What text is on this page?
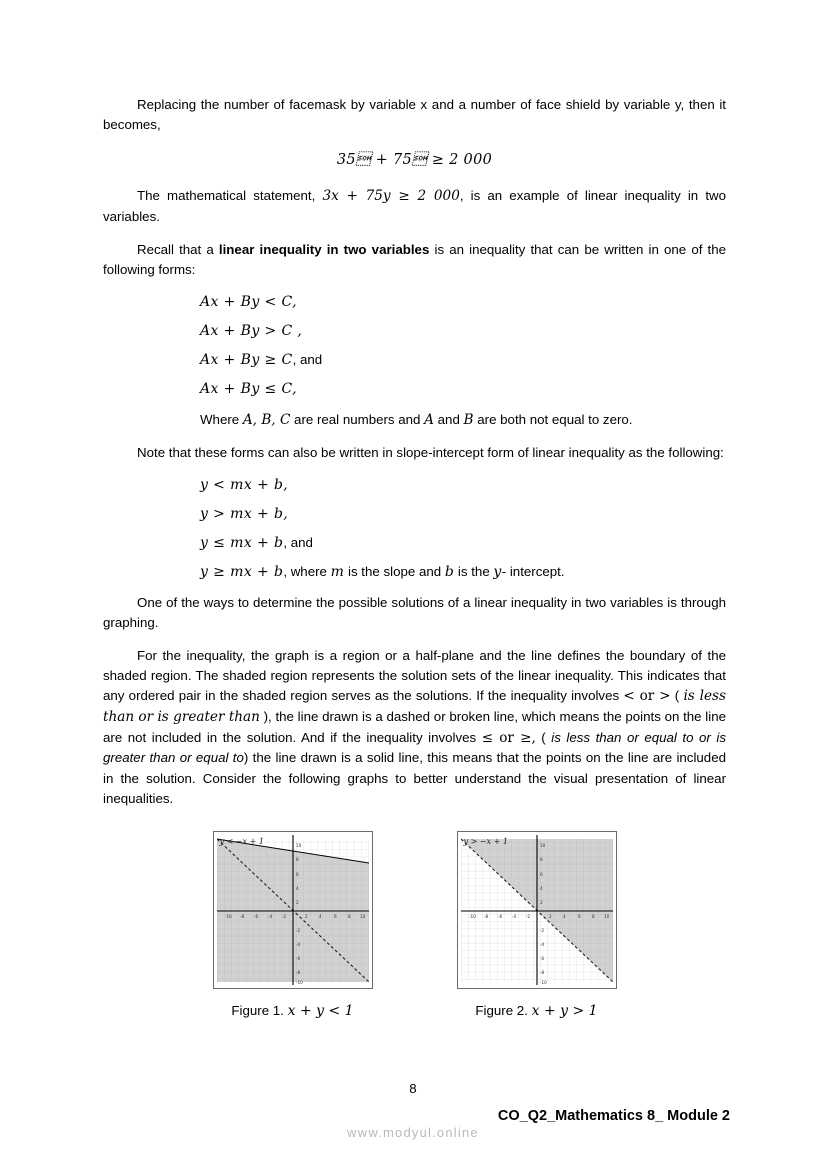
Replacing the number of facemask by variable x and a number of face shield by variable y, then it becomes,

35 + 75 ≥ 2 000

The mathematical statement, 3x + 75y ≥ 2 000, is an example of linear inequality in two variables.

Recall that a linear inequality in two variables is an inequality that can be written in one of the following forms:

Ax + By < C,
Ax + By > C ,
Ax + By ≥ C, and
Ax + By ≤ C,

Where A, B, C are real numbers and A and B are both not equal to zero.

Note that these forms can also be written in slope-intercept form of linear inequality as the following:

y < mx + b,
y > mx + b,
y ≤ mx + b, and
y ≥ mx + b, where m is the slope and b is the y- intercept.

One of the ways to determine the possible solutions of a linear inequality in two variables is through graphing.

For the inequality, the graph is a region or a half-plane and the line defines the boundary of the shaded region. The shaded region represents the solution sets of the linear inequality. This indicates that any ordered pair in the shaded region serves as the solutions. If the inequality involves < or > ( is less than or is greater than ), the line drawn is a dashed or broken line, which means the points on the line are not included in the solution. And if the inequality involves ≤ or ≥, ( is less than or equal to or is greater than or equal to) the line drawn is a solid line, this means that the points on the line are included in the solution. Consider the following graphs to better understand the visual presentation of linear inequalities.

y < −x + 1
-10 -8 -6 -4 -2	2	4	6	8 10
10
8
6
4
2
-2
-4
-6
-8
-10
Figure 1. x + y < 1
y > −x + 1
-10 -8 -6 -4 -2	2	4	6	8 10
10
8
6
4
2
-2
-4
-6
-8
-10
Figure 2. x + y > 1
8
CO_Q2_Mathematics 8_ Module 2
www.modyul.online
